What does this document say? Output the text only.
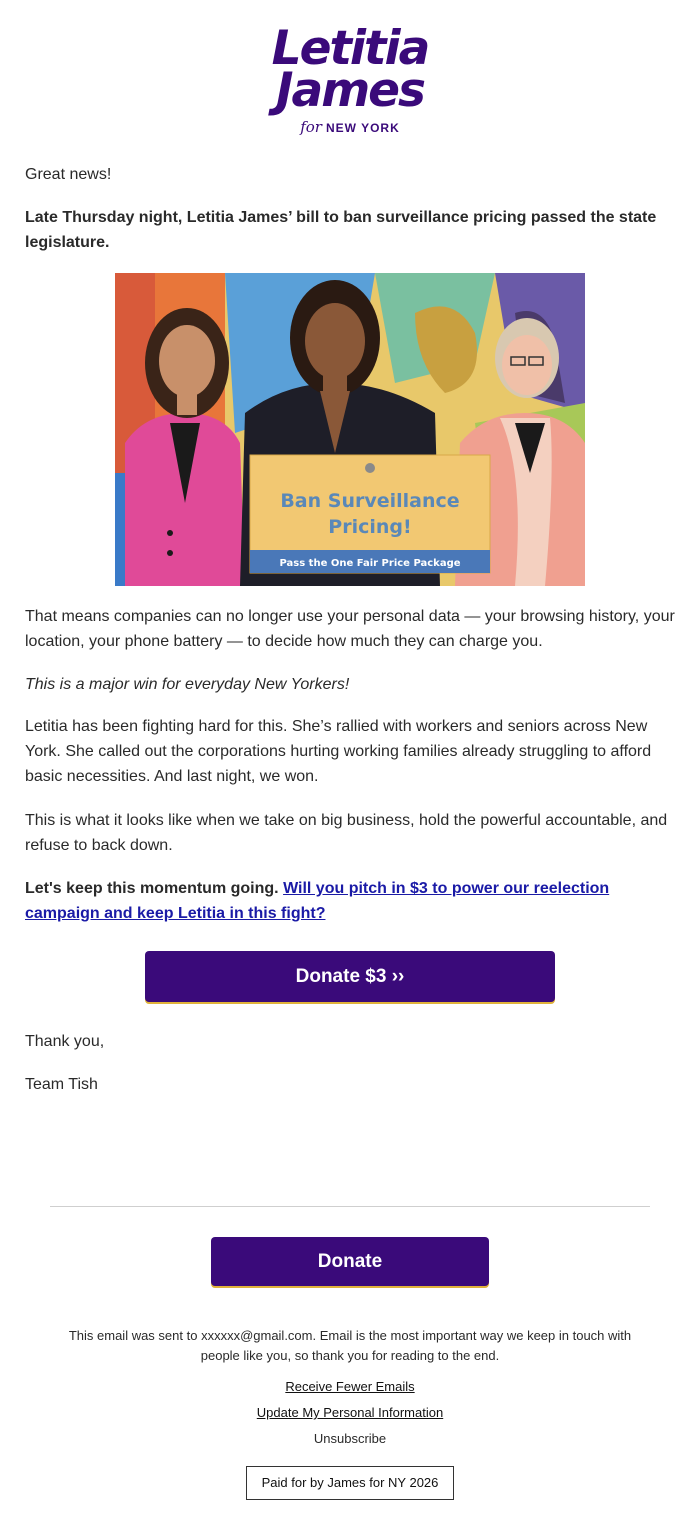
Letitia
James
for NEW YORK
Great news!
Late Thursday night, Letitia James’ bill to ban surveillance pricing passed the state legislature.
Ban Surveillance
Pricing!
Pass the One Fair Price Package
That means companies can no longer use your personal data — your browsing history, your location, your phone battery — to decide how much they can charge you.
This is a major win for everyday New Yorkers!
Letitia has been fighting hard for this. She’s rallied with workers and seniors across New York. She called out the corporations hurting working families already struggling to afford basic necessities. And last night, we won.
This is what it looks like when we take on big business, hold the powerful accountable, and refuse to back down.
Let's keep this momentum going. Will you pitch in $3 to power our reelection campaign and keep Letitia in this fight?
Donate $3 ››
Thank you,
Team Tish
Donate
This email was sent to xxxxxx@gmail.com. Email is the most important way we keep in touch with people like you, so thank you for reading to the end.
Receive Fewer Emails
Update My Personal Information
Unsubscribe
Paid for by James for NY 2026
